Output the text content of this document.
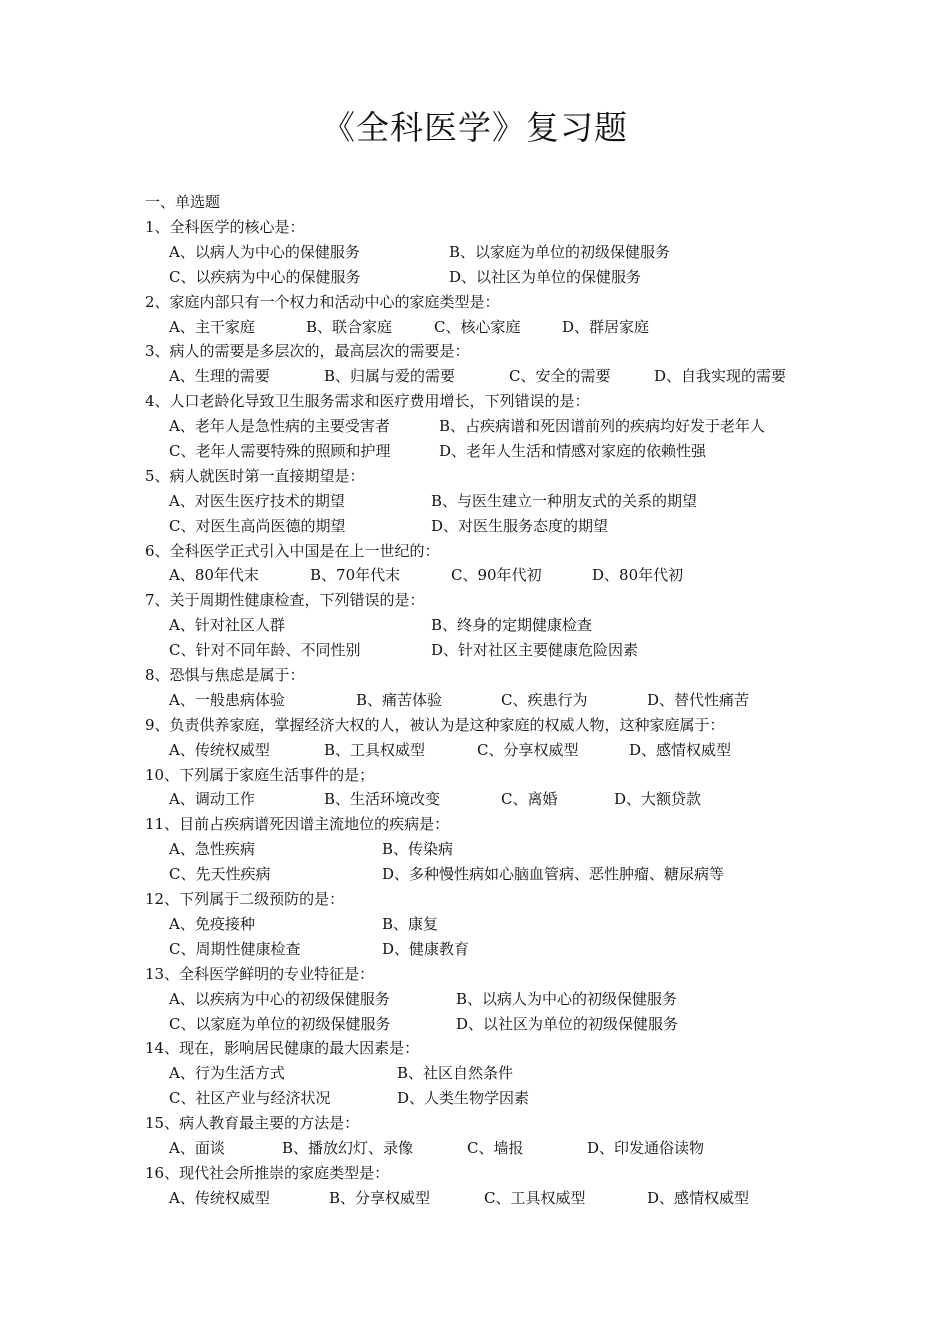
《全科医学》复习题
一、单选题
1、全科医学的核心是：
A、以病人为中心的保健服务	B、以家庭为单位的初级保健服务
C、以疾病为中心的保健服务	D、以社区为单位的保健服务
2、家庭内部只有一个权力和活动中心的家庭类型是：
A、主干家庭	B、联合家庭	C、核心家庭	D、群居家庭
3、病人的需要是多层次的，最高层次的需要是：
A、生理的需要	B、归属与爱的需要	C、安全的需要	D、自我实现的需要
4、人口老龄化导致卫生服务需求和医疗费用增长，下列错误的是：
A、老年人是急性病的主要受害者	B、占疾病谱和死因谱前列的疾病均好发于老年人
C、老年人需要特殊的照顾和护理	D、老年人生活和情感对家庭的依赖性强
5、病人就医时第一直接期望是：
A、对医生医疗技术的期望	B、与医生建立一种朋友式的关系的期望
C、对医生高尚医德的期望	D、对医生服务态度的期望
6、全科医学正式引入中国是在上一世纪的：
A、80年代末	B、70年代末	C、90年代初	D、80年代初
7、关于周期性健康检查，下列错误的是：
A、针对社区人群	B、终身的定期健康检查
C、针对不同年龄、不同性别	D、针对社区主要健康危险因素
8、恐惧与焦虑是属于：
A、一般患病体验	B、痛苦体验	C、疾患行为	D、替代性痛苦
9、负责供养家庭，掌握经济大权的人，被认为是这种家庭的权威人物，这种家庭属于：
A、传统权威型	B、工具权威型	C、分享权威型	D、感情权威型
10、下列属于家庭生活事件的是；
A、调动工作	B、生活环境改变	C、离婚	D、大额贷款
11、目前占疾病谱死因谱主流地位的疾病是：
A、急性疾病	B、传染病
C、先天性疾病	D、多种慢性病如心脑血管病、恶性肿瘤、糖尿病等
12、下列属于二级预防的是：
A、免疫接种	B、康复
C、周期性健康检查	D、健康教育
13、全科医学鲜明的专业特征是：
A、以疾病为中心的初级保健服务	B、以病人为中心的初级保健服务
C、以家庭为单位的初级保健服务	D、以社区为单位的初级保健服务
14、现在，影响居民健康的最大因素是：
A、行为生活方式	B、社区自然条件
C、社区产业与经济状况	D、人类生物学因素
15、病人教育最主要的方法是：
A、面谈	B、播放幻灯、录像	C、墙报	D、印发通俗读物
16、现代社会所推崇的家庭类型是：
A、传统权威型	B、分享权威型	C、工具权威型	D、感情权威型
